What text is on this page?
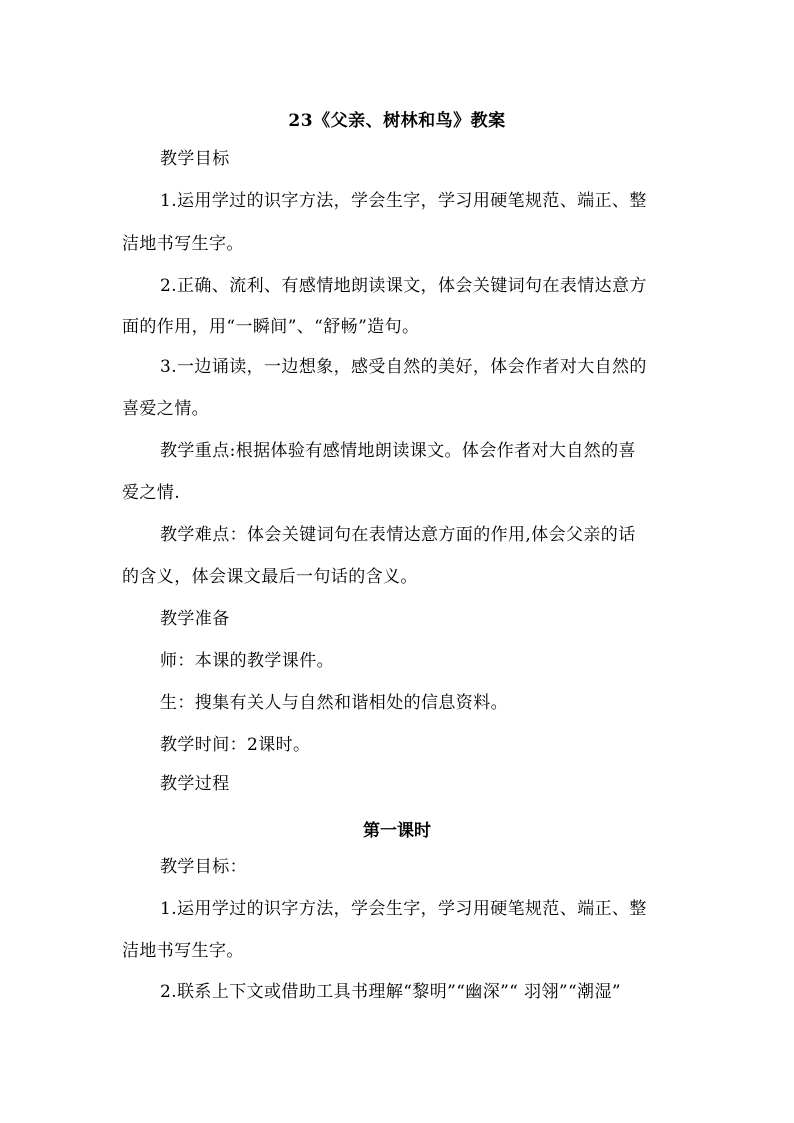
23《父亲、树林和鸟》教案
教学目标
1.运用学过的识字方法，学会生字，学习用硬笔规范、端正、整
洁地书写生字。
2.正确、流利、有感情地朗读课文，体会关键词句在表情达意方
面的作用，用“一瞬间”、“舒畅”造句。
3.一边诵读，一边想象，感受自然的美好，体会作者对大自然的
喜爱之情。
教学重点:根据体验有感情地朗读课文。体会作者对大自然的喜
爱之情.
教学难点：体会关键词句在表情达意方面的作用,体会父亲的话
的含义，体会课文最后一句话的含义。
教学准备
师：本课的教学课件。
生：搜集有关人与自然和谐相处的信息资料。
教学时间：2课时。
教学过程
第一课时
教学目标：
1.运用学过的识字方法，学会生字，学习用硬笔规范、端正、整
洁地书写生字。
2.联系上下文或借助工具书理解“黎明”“幽深”“ 羽翎”“潮湿”
